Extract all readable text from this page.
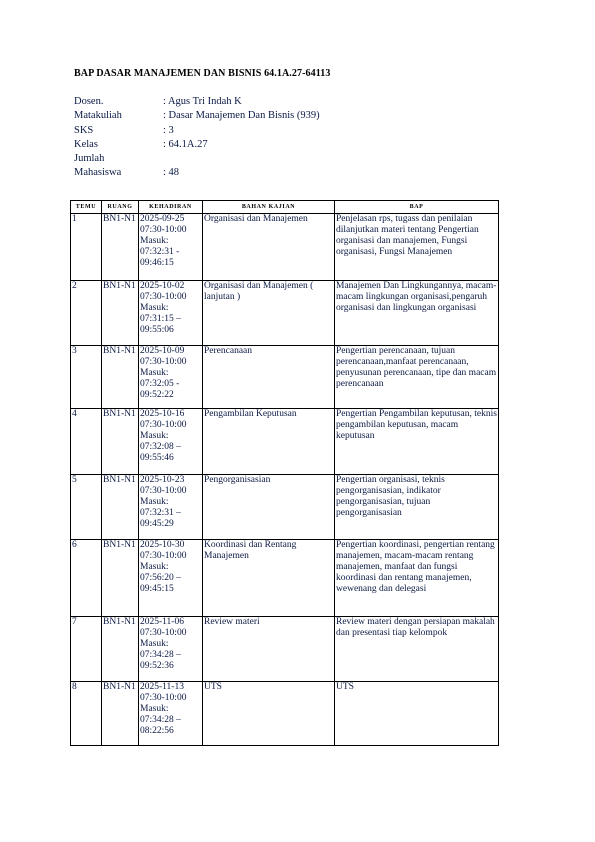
BAP DASAR MANAJEMEN DAN BISNIS 64.1A.27-64113
Dosen.	: Agus Tri Indah K
Matakuliah	: Dasar Manajemen Dan Bisnis (939)
SKS	: 3
Kelas	: 64.1A.27
Jumlah
Mahasiswa	: 48
TEMU	RUANG	KEHADIRAN	BAHAN KAJIAN	BAP
1	BN1-N1	2025-09-25
07:30-10:00
Masuk:
07:32:31 -
09:46:15	Organisasi dan Manajemen	Penjelasan rps, tugass dan penilaian dilanjutkan materi tentang Pengertian organisasi dan manajemen, Fungsi organisasi, Fungsi Manajemen
2	BN1-N1	2025-10-02
07:30-10:00
Masuk:
07:31:15 –
09:55:06	Organisasi dan Manajemen ( lanjutan )	Manajemen Dan Lingkungannya, macam-macam lingkungan organisasi,pengaruh organisasi dan lingkungan organisasi
3	BN1-N1	2025-10-09
07:30-10:00
Masuk:
07:32:05 -
09:52:22	Perencanaan	Pengertian perencanaan, tujuan perencanaan,manfaat perencanaan, penyusunan perencanaan, tipe dan macam perencanaan
4	BN1-N1	2025-10-16
07:30-10:00
Masuk:
07:32:08 –
09:55:46	Pengambilan Keputusan	Pengertian Pengambilan keputusan, teknis pengambilan keputusan, macam keputusan
5	BN1-N1	2025-10-23
07:30-10:00
Masuk:
07:32:31 –
09:45:29	Pengorganisasian	Pengertian organisasi, teknis pengorganisasian, indikator pengorganisasian, tujuan pengorganisasian
6	BN1-N1	2025-10-30
07:30-10:00
Masuk:
07:56:20 –
09:45:15	Koordinasi dan Rentang Manajemen	Pengertian koordinasi, pengertian rentang manajemen, macam-macam rentang manajemen, manfaat dan fungsi koordinasi dan rentang manajemen, wewenang dan delegasi
7	BN1-N1	2025-11-06
07:30-10:00
Masuk:
07:34:28 –
09:52:36	Review materi	Review materi dengan persiapan makalah dan presentasi tiap kelompok
8	BN1-N1	2025-11-13
07:30-10:00
Masuk:
07:34:28 –
08:22:56	UTS	UTS
